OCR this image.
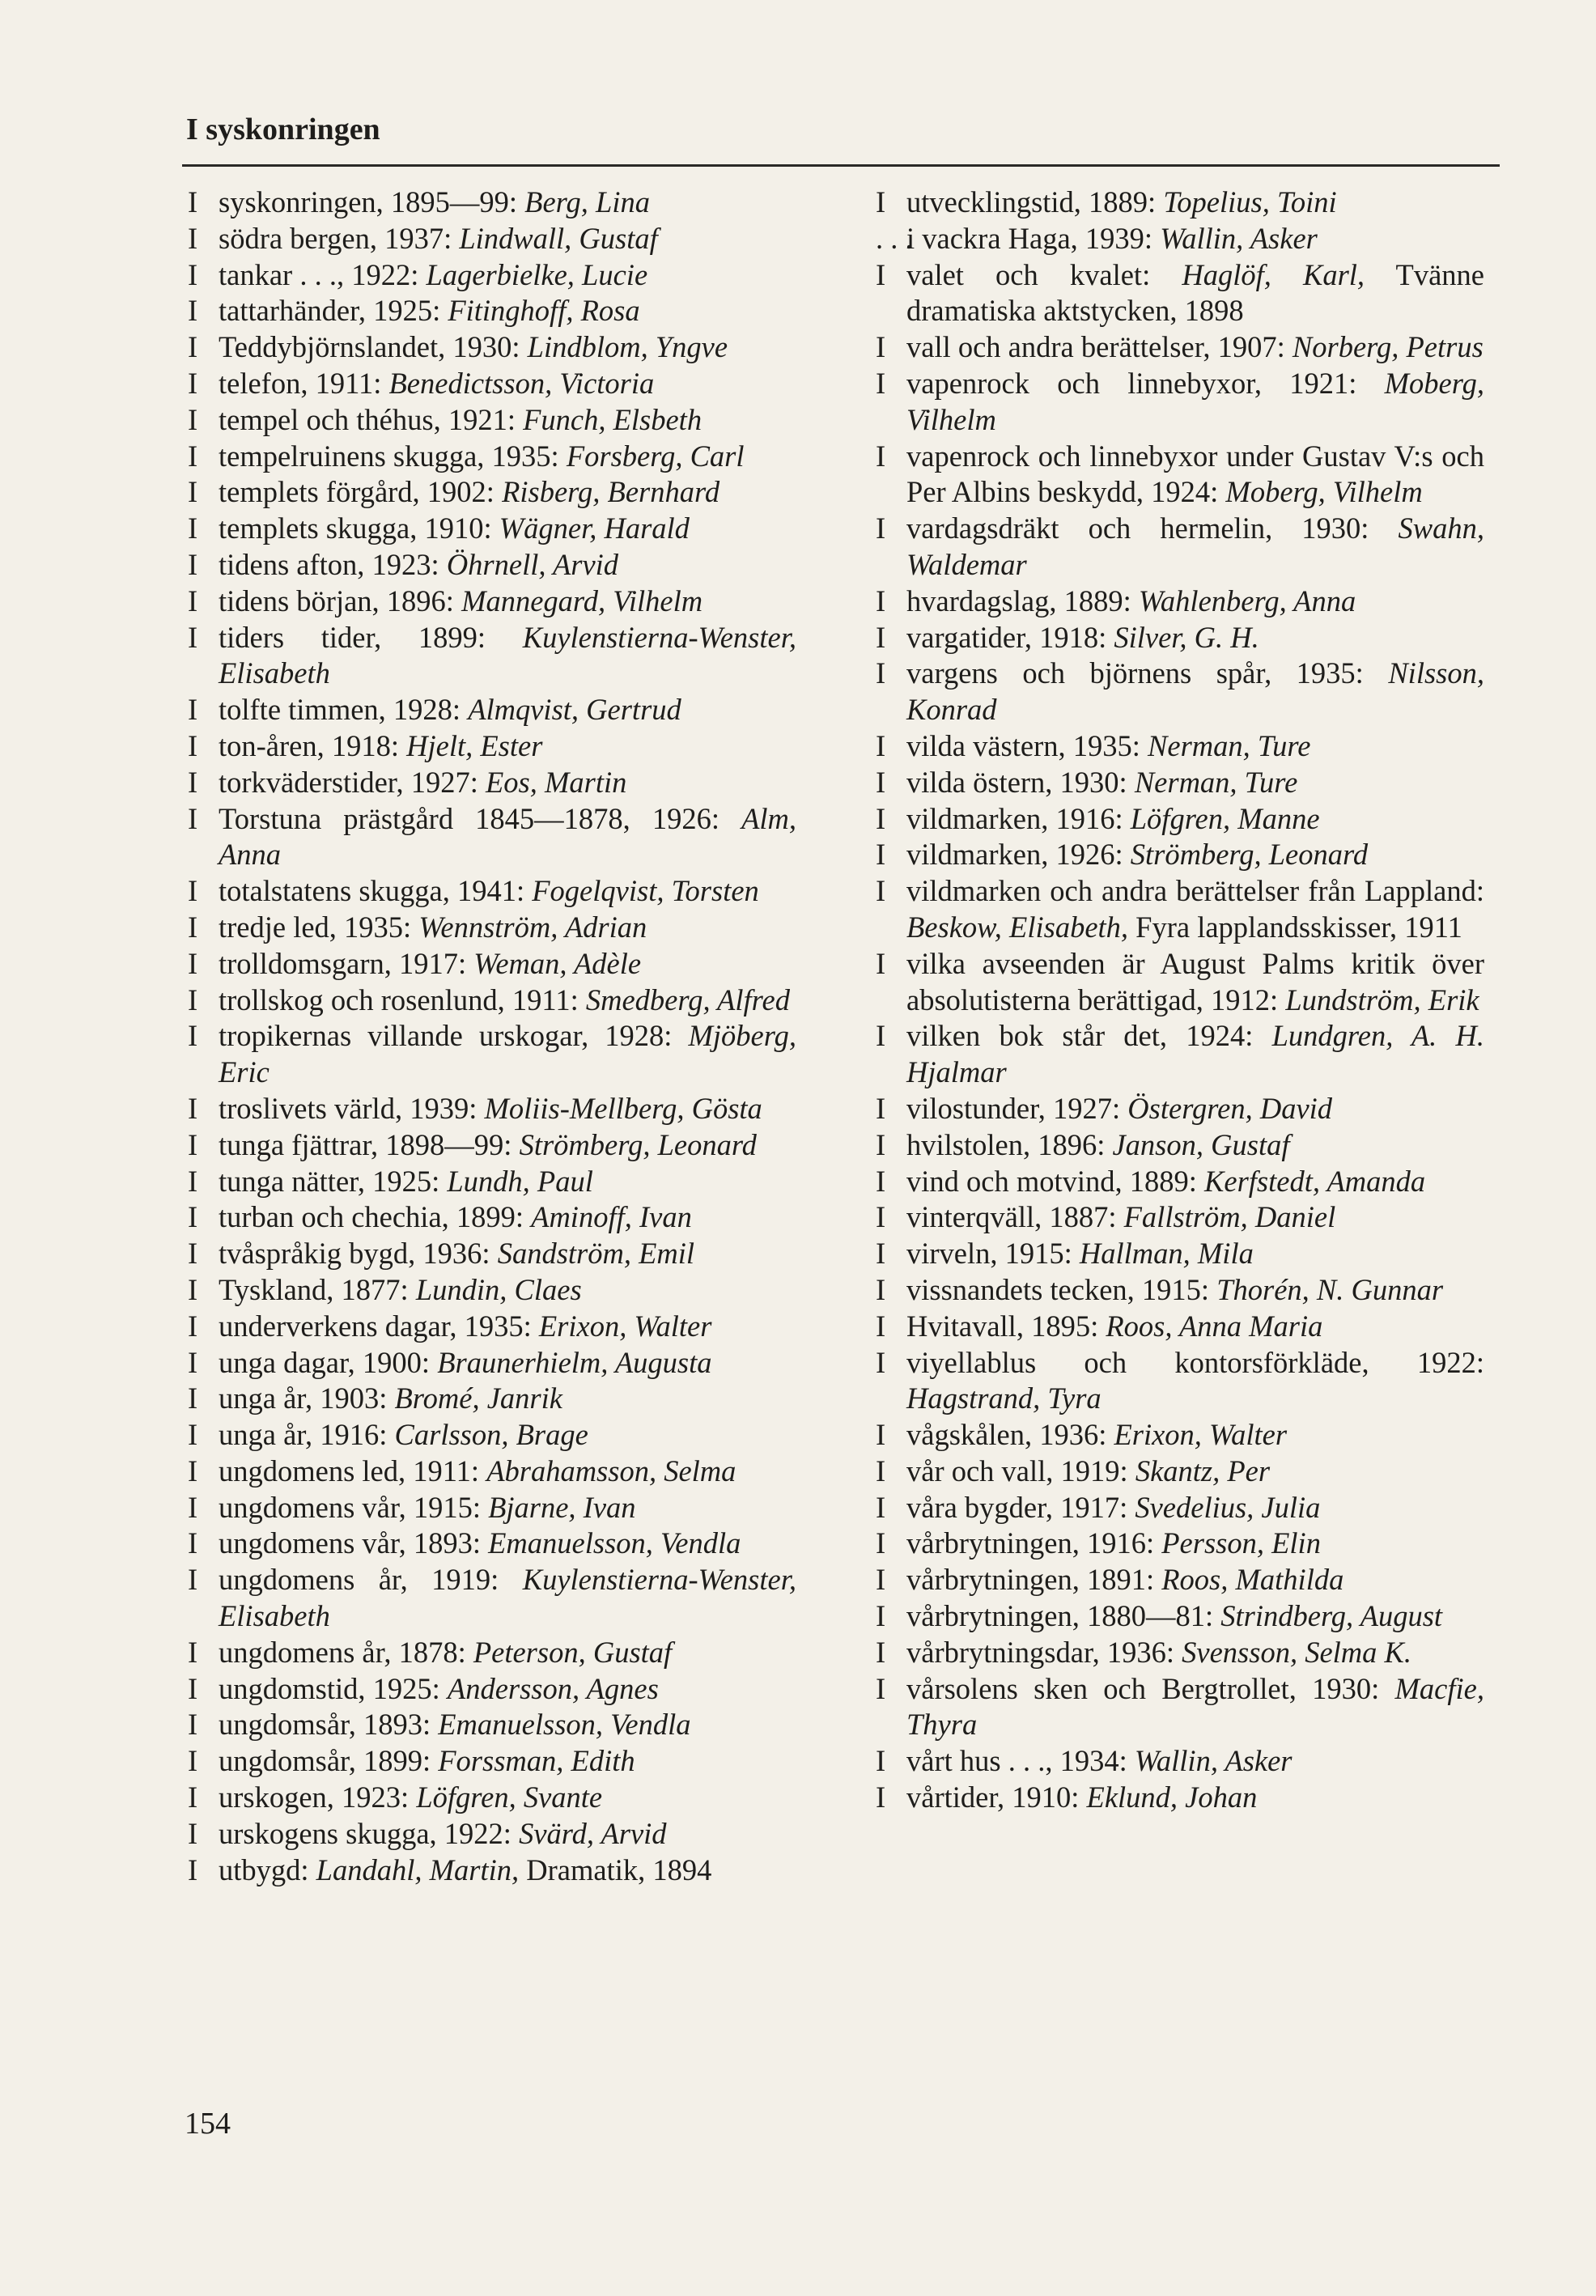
I syskonringen
I syskonringen, 1895—99: Berg, Lina
I södra bergen, 1937: Lindwall, Gustaf
I tankar . . ., 1922: Lagerbielke, Lucie
I tattarhänder, 1925: Fitinghoff, Rosa
I Teddybjörnslandet, 1930: Lindblom, Yngve
I telefon, 1911: Benedictsson, Victoria
I tempel och théhus, 1921: Funch, Elsbeth
I tempelruinens skugga, 1935: Forsberg, Carl
I templets förgård, 1902: Risberg, Bernhard
I templets skugga, 1910: Wägner, Harald
I tidens afton, 1923: Öhrnell, Arvid
I tidens början, 1896: Mannegard, Vilhelm
I tiders tider, 1899: Kuylenstierna-Wenster, Elisabeth
I tolfte timmen, 1928: Almqvist, Gertrud
I ton-åren, 1918: Hjelt, Ester
I torkväderstider, 1927: Eos, Martin
I Torstuna prästgård 1845—1878, 1926: Alm, Anna
I totalstatens skugga, 1941: Fogelqvist, Torsten
I tredje led, 1935: Wennström, Adrian
I trolldomsgarn, 1917: Weman, Adèle
I trollskog och rosenlund, 1911: Smedberg, Alfred
I tropikernas villande urskogar, 1928: Mjöberg, Eric
I troslivets värld, 1939: Moliis-Mellberg, Gösta
I tunga fjättrar, 1898—99: Strömberg, Leonard
I tunga nätter, 1925: Lundh, Paul
I turban och chechia, 1899: Aminoff, Ivan
I tvåspråkig bygd, 1936: Sandström, Emil
I Tyskland, 1877: Lundin, Claes
I underverkens dagar, 1935: Erixon, Walter
I unga dagar, 1900: Braunerhielm, Augusta
I unga år, 1903: Bromé, Janrik
I unga år, 1916: Carlsson, Brage
I ungdomens led, 1911: Abrahamsson, Selma
I ungdomens vår, 1915: Bjarne, Ivan
I ungdomens vår, 1893: Emanuelsson, Vendla
I ungdomens år, 1919: Kuylenstierna-Wenster, Elisabeth
I ungdomens år, 1878: Peterson, Gustaf
I ungdomstid, 1925: Andersson, Agnes
I ungdomsår, 1893: Emanuelsson, Vendla
I ungdomsår, 1899: Forssman, Edith
I urskogen, 1923: Löfgren, Svante
I urskogens skugga, 1922: Svärd, Arvid
I utbygd: Landahl, Martin, Dramatik, 1894
I utvecklingstid, 1889: Topelius, Toini
. . .
i vackra Haga, 1939: Wallin, Asker
I valet och kvalet: Haglöf, Karl, Tvänne dramatiska aktstycken, 1898
I vall och andra berättelser, 1907: Norberg, Petrus
I vapenrock och linnebyxor, 1921: Moberg, Vilhelm
I vapenrock och linnebyxor under Gustav V:s och Per Albins beskydd, 1924: Moberg, Vilhelm
I vardagsdräkt och hermelin, 1930: Swahn, Waldemar
I hvardagslag, 1889: Wahlenberg, Anna
I vargatider, 1918: Silver, G. H.
I vargens och björnens spår, 1935: Nilsson, Konrad
I vilda västern, 1935: Nerman, Ture
I vilda östern, 1930: Nerman, Ture
I vildmarken, 1916: Löfgren, Manne
I vildmarken, 1926: Strömberg, Leonard
I vildmarken och andra berättelser från Lappland: Beskow, Elisabeth, Fyra lapplandsskisser, 1911
I vilka avseenden är August Palms kritik över absolutisterna berättigad, 1912: Lundström, Erik
I vilken bok står det, 1924: Lundgren, A. H. Hjalmar
I vilostunder, 1927: Östergren, David
I hvilstolen, 1896: Janson, Gustaf
I vind och motvind, 1889: Kerfstedt, Amanda
I vinterqväll, 1887: Fallström, Daniel
I virveln, 1915: Hallman, Mila
I vissnandets tecken, 1915: Thorén, N. Gunnar
I Hvitavall, 1895: Roos, Anna Maria
I viyellablus och kontorsförkläde, 1922: Hagstrand, Tyra
I vågskålen, 1936: Erixon, Walter
I vår och vall, 1919: Skantz, Per
I våra bygder, 1917: Svedelius, Julia
I vårbrytningen, 1916: Persson, Elin
I vårbrytningen, 1891: Roos, Mathilda
I vårbrytningen, 1880—81: Strindberg, August
I vårbrytningsdar, 1936: Svensson, Selma K.
I vårsolens sken och Bergtrollet, 1930: Macfie, Thyra
I vårt hus . . ., 1934: Wallin, Asker
I vårtider, 1910: Eklund, Johan
154
